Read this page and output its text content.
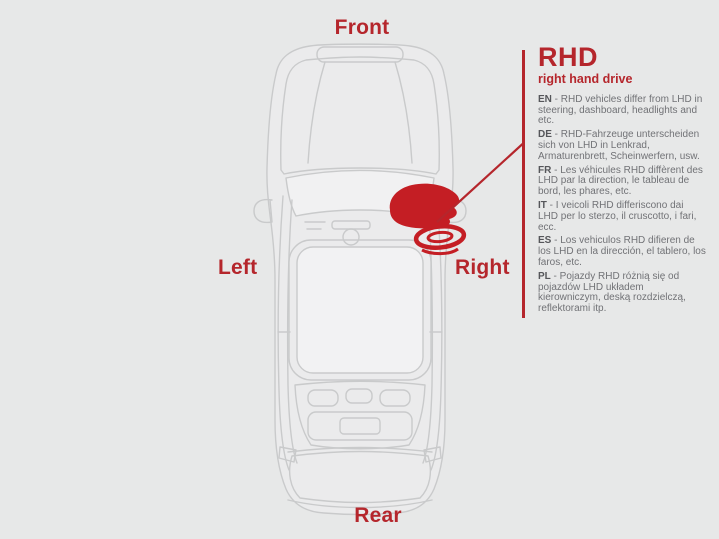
Front
Left	Right
Rear
RHD
right hand drive

EN - RHD vehicles differ from LHD in steering, dashboard, headlights and etc.

DE - RHD-Fahrzeuge unterscheiden sich von LHD in Lenkrad, Armaturenbrett, Scheinwerfern, usw.

FR - Les véhicules RHD diffèrent des LHD par la direction, le tableau de bord, les phares, etc.

IT - I veicoli RHD differiscono dai LHD per lo sterzo, il cruscotto, i fari, ecc.

ES - Los vehiculos RHD difieren de los LHD en la dirección, el tablero, los faros, etc.

PL - Pojazdy RHD różnią się od pojazdów LHD układem kierowniczym, deską rozdzielczą, reflektorami itp.
